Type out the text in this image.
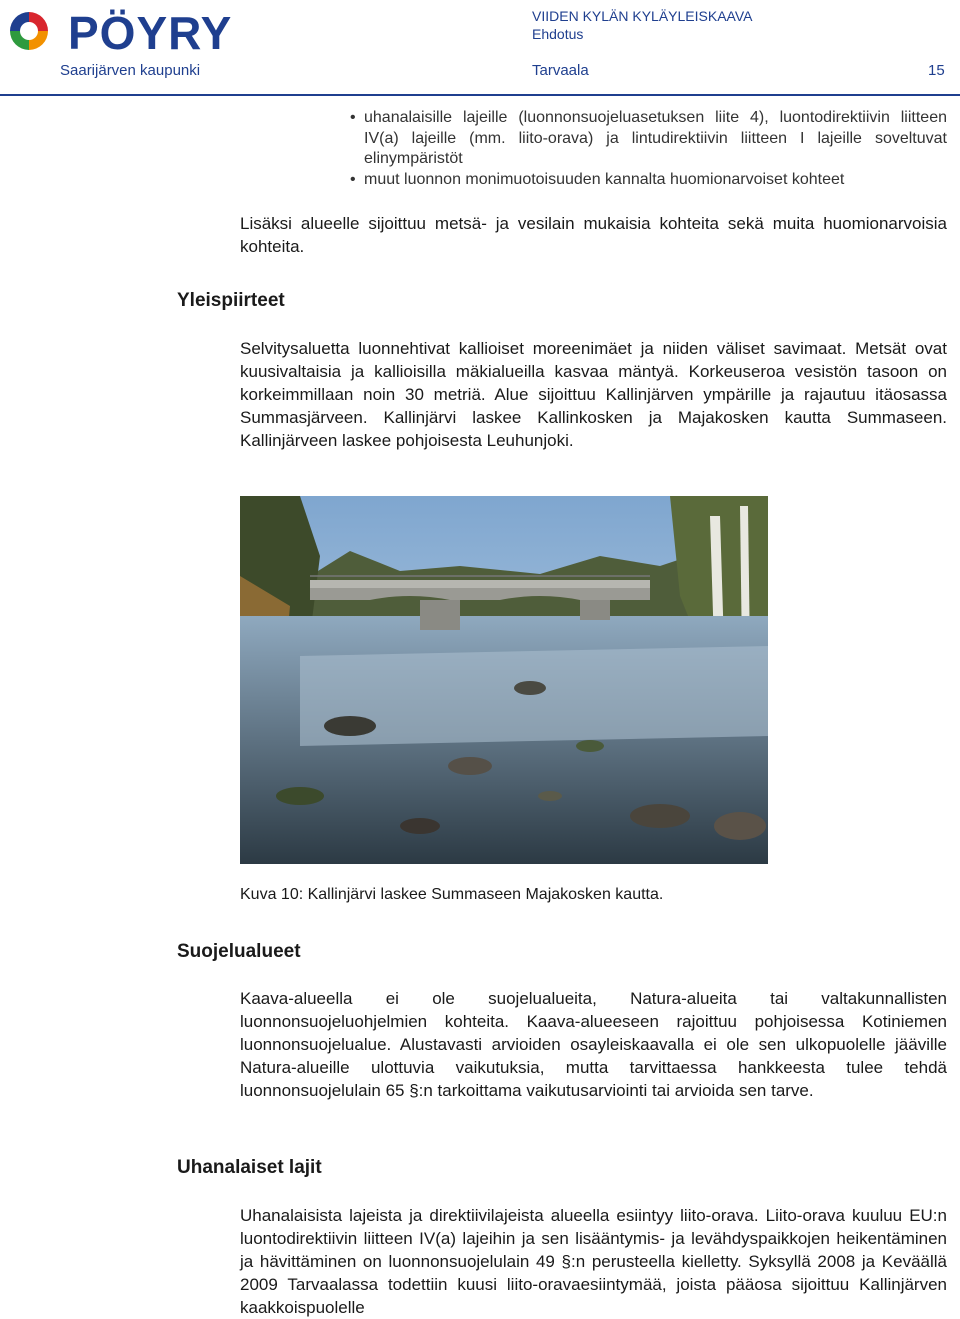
PÖYRY	VIIDEN KYLÄN KYLÄYLEISKAAVA
Ehdotus
Saarijärven kaupunki	Tarvaala	15
• uhanalaisille lajeille (luonnonsuojeluasetuksen liite 4), luontodirektiivin liitteen IV(a) lajeille (mm. liito-orava) ja lintudirektiivin liitteen I lajeille soveltuvat elinympäristöt
• muut luonnon monimuotoisuuden kannalta huomionarvoiset kohteet

Lisäksi alueelle sijoittuu metsä- ja vesilain mukaisia kohteita sekä muita huomionarvoisia kohteita.

Yleispiirteet

Selvitysaluetta luonnehtivat kallioiset moreenimäet ja niiden väliset savimaat. Metsät ovat kuusivaltaisia ja kallioisilla mäkialueilla kasvaa mäntyä. Korkeuseroa vesistön tasoon on korkeimmillaan noin 30 metriä. Alue sijoittuu Kallinjärven ympärille ja rajautuu itäosassa Summasjärveen. Kallinjärvi laskee Kallinkosken ja Majakosken kautta Summaseen. Kallinjärveen laskee pohjoisesta Leuhunjoki.

Kuva 10: Kallinjärvi laskee Summaseen Majakosken kautta.
Suojelualueet

Kaava-alueella ei ole suojelualueita, Natura-alueita tai valtakunnallisten luonnonsuojeluohjelmien kohteita. Kaava-alueeseen rajoittuu pohjoisessa Kotiniemen luonnonsuojelualue. Alustavasti arvioiden osayleiskaavalla ei ole sen ulkopuolelle jääville Natura-alueille ulottuvia vaikutuksia, mutta tarvittaessa hankkeesta tulee tehdä luonnonsuojelulain 65 §:n tarkoittama vaikutusarviointi tai arvioida sen tarve.

Uhanalaiset lajit

Uhanalaisista lajeista ja direktiivilajeista alueella esiintyy liito-orava. Liito-orava kuuluu EU:n luontodirektiivin liitteen IV(a) lajeihin ja sen lisääntymis- ja levähdyspaikkojen heikentäminen ja hävittäminen on luonnonsuojelulain 49 §:n perusteella kielletty. Syksyllä 2008 ja Keväällä 2009 Tarvaalassa todettiin kuusi liito-oravaesiintymää, joista pääosa sijoittuu Kallinjärven kaakkoispuolelle
